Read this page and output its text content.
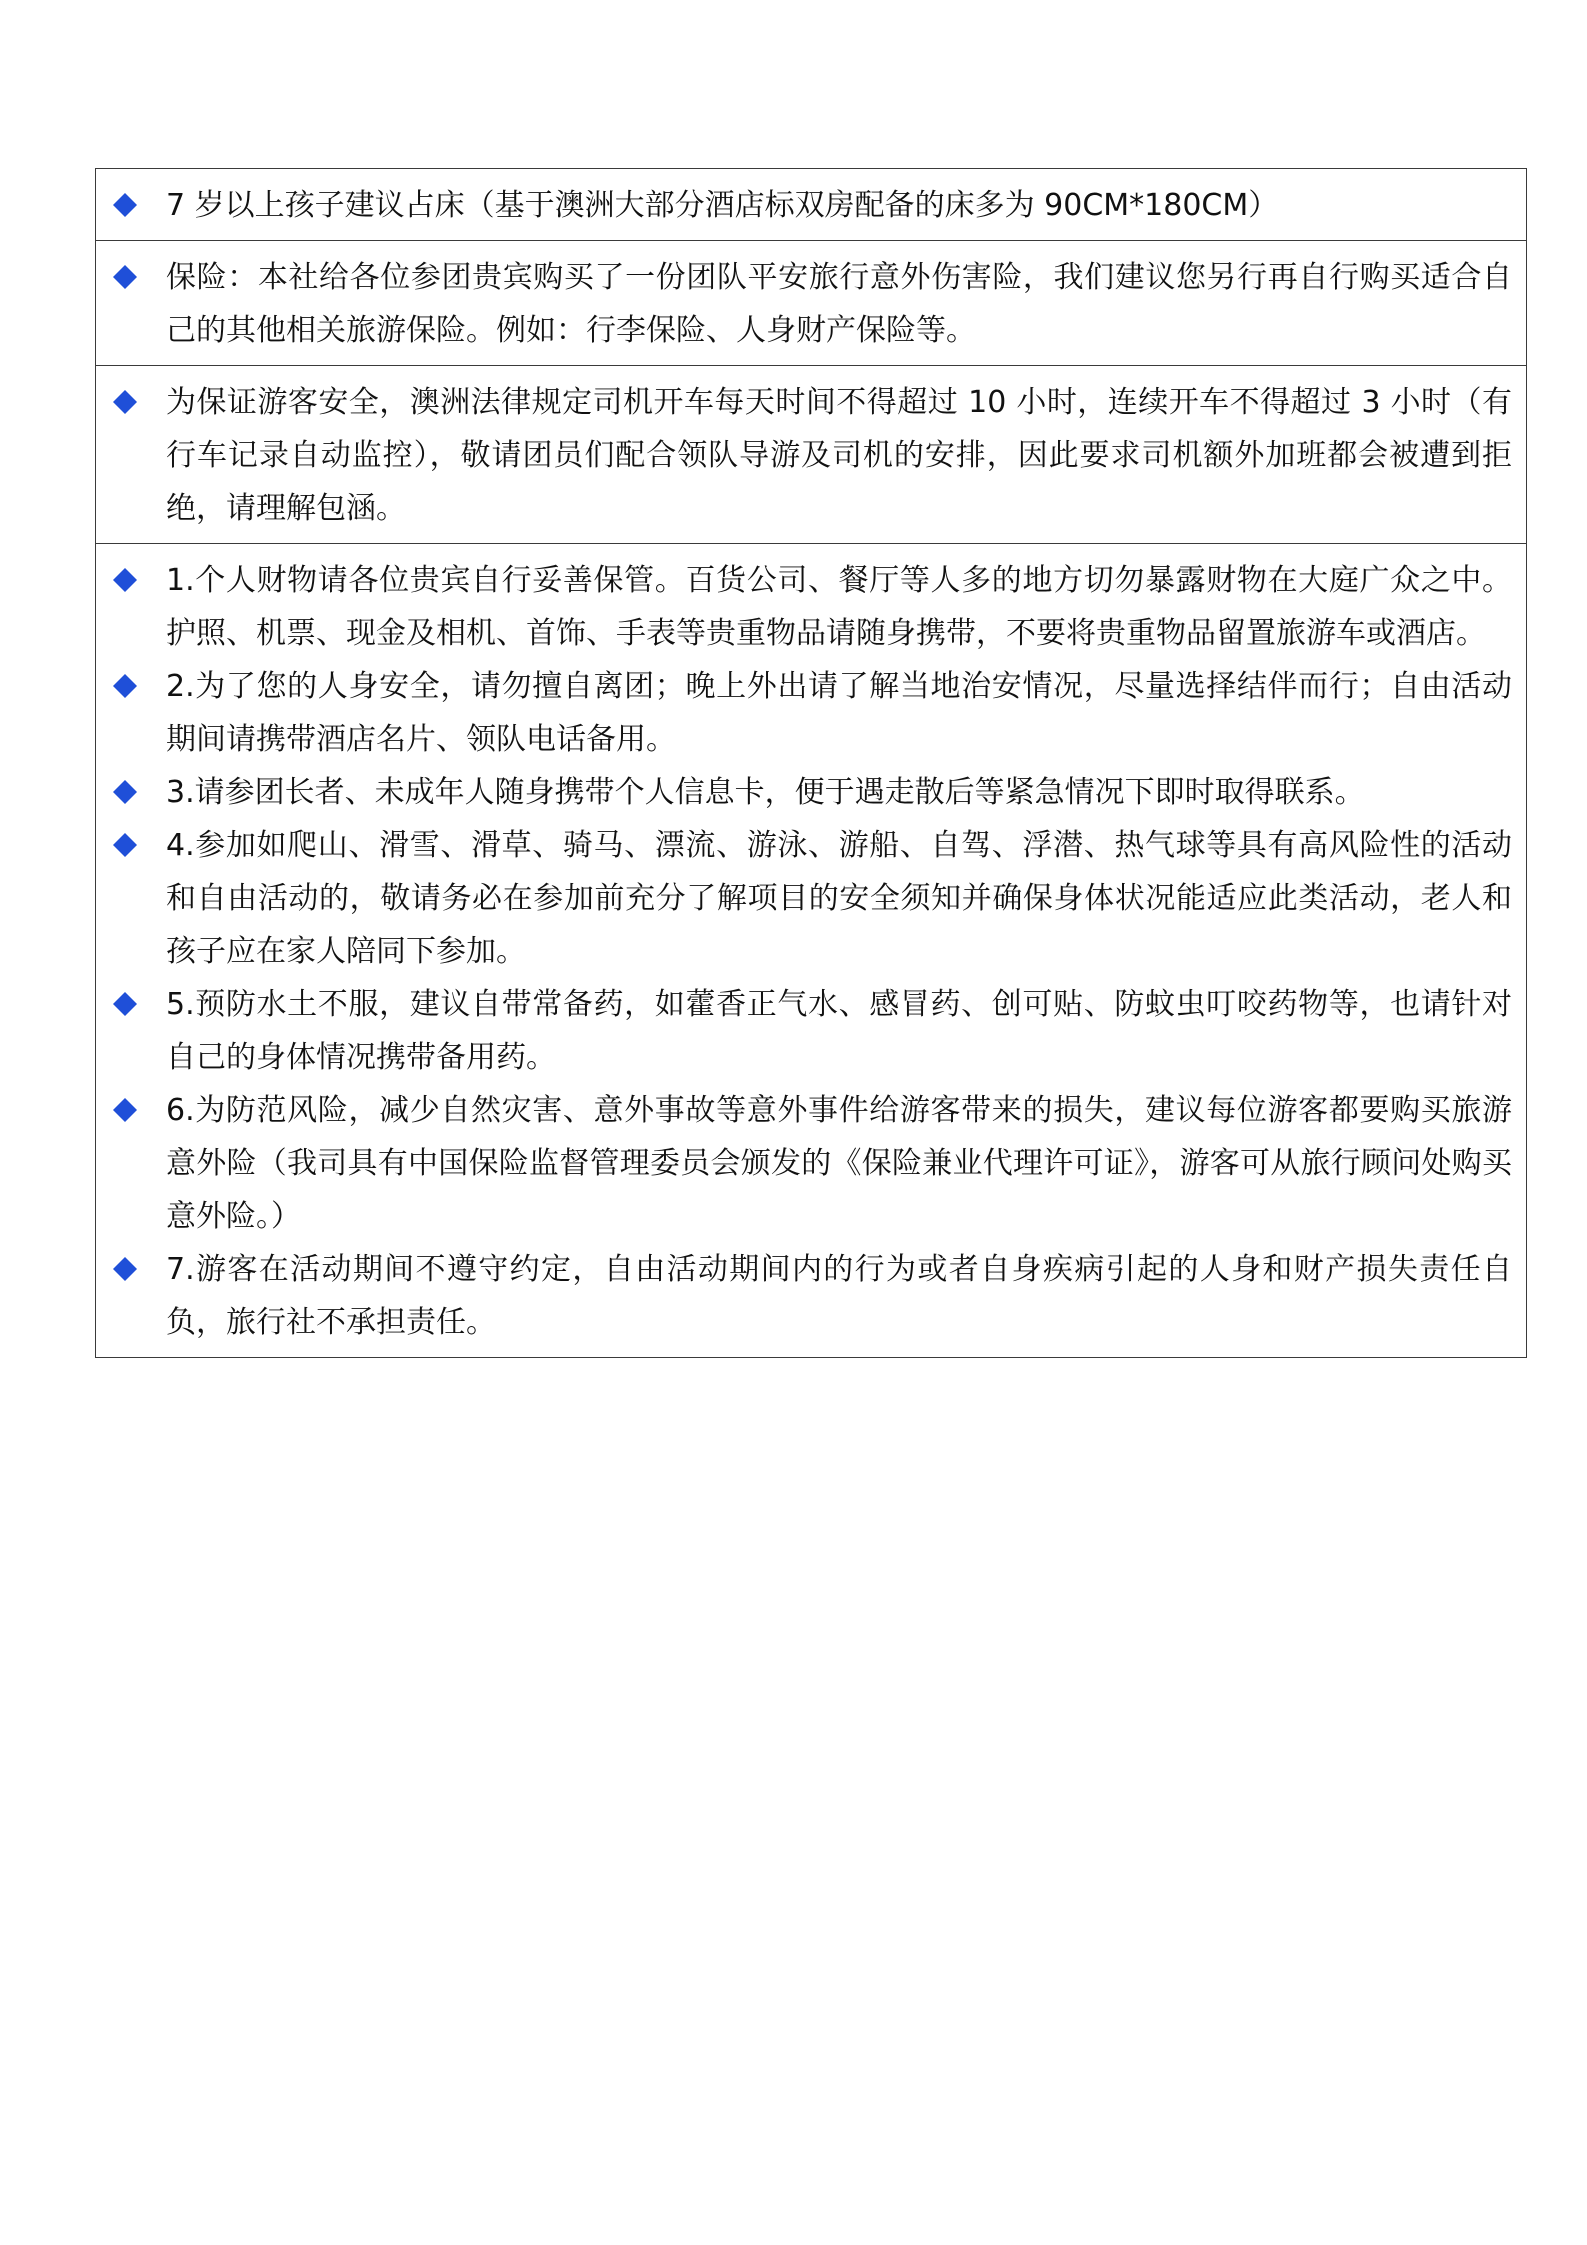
7 岁以上孩子建议占床（基于澳洲大部分酒店标双房配备的床多为 90CM*180CM）
保险：本社给各位参团贵宾购买了一份团队平安旅行意外伤害险，我们建议您另行再自行购买适合自己的其他相关旅游保险。例如：行李保险、人身财产保险等。
为保证游客安全，澳洲法律规定司机开车每天时间不得超过 10 小时，连续开车不得超过 3 小时（有行车记录自动监控），敬请团员们配合领队导游及司机的安排，因此要求司机额外加班都会被遭到拒绝，请理解包涵。
1.个人财物请各位贵宾自行妥善保管。百货公司、餐厅等人多的地方切勿暴露财物在大庭广众之中。护照、机票、现金及相机、首饰、手表等贵重物品请随身携带，不要将贵重物品留置旅游车或酒店。
2.为了您的人身安全，请勿擅自离团；晚上外出请了解当地治安情况，尽量选择结伴而行；自由活动期间请携带酒店名片、领队电话备用。
3.请参团长者、未成年人随身携带个人信息卡，便于遇走散后等紧急情况下即时取得联系。
4.参加如爬山、滑雪、滑草、骑马、漂流、游泳、游船、自驾、浮潜、热气球等具有高风险性的活动和自由活动的，敬请务必在参加前充分了解项目的安全须知并确保身体状况能适应此类活动，老人和孩子应在家人陪同下参加。
5.预防水土不服，建议自带常备药，如藿香正气水、感冒药、创可贴、防蚊虫叮咬药物等，也请针对自己的身体情况携带备用药。
6.为防范风险，减少自然灾害、意外事故等意外事件给游客带来的损失，建议每位游客都要购买旅游意外险（我司具有中国保险监督管理委员会颁发的《保险兼业代理许可证》，游客可从旅行顾问处购买意外险。）
7.游客在活动期间不遵守约定，自由活动期间内的行为或者自身疾病引起的人身和财产损失责任自负，旅行社不承担责任。
